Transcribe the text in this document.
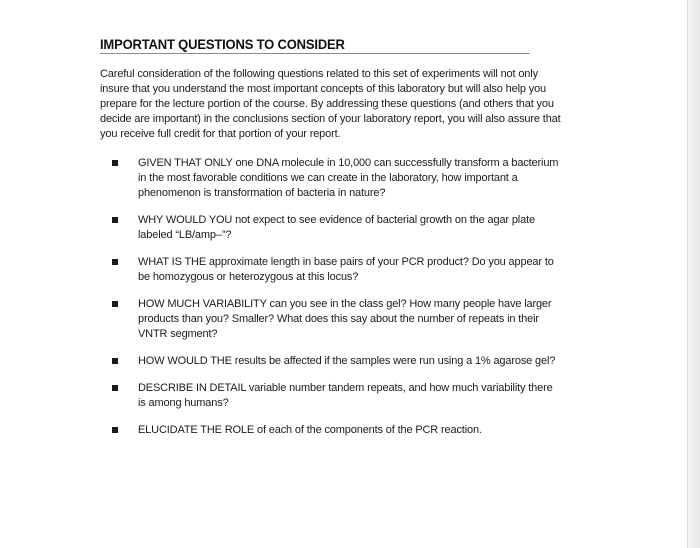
IMPORTANT QUESTIONS TO CONSIDER

Careful consideration of the following questions related to this set of experiments will not only insure that you understand the most important concepts of this laboratory but will also help you prepare for the lecture portion of the course. By addressing these questions (and others that you decide are important) in the conclusions section of your laboratory report, you will also assure that you receive full credit for that portion of your report.

GIVEN THAT ONLY one DNA molecule in 10,000 can successfully transform a bacterium in the most favorable conditions we can create in the laboratory, how important a phenomenon is transformation of bacteria in nature?
WHY WOULD YOU not expect to see evidence of bacterial growth on the agar plate labeled “LB/amp–”?
WHAT IS THE approximate length in base pairs of your PCR product? Do you appear to be homozygous or heterozygous at this locus?
HOW MUCH VARIABILITY can you see in the class gel? How many people have larger products than you? Smaller? What does this say about the number of repeats in their VNTR segment?
HOW WOULD THE results be affected if the samples were run using a 1% agarose gel?
DESCRIBE IN DETAIL variable number tandem repeats, and how much variability there is among humans?
ELUCIDATE THE ROLE of each of the components of the PCR reaction.
